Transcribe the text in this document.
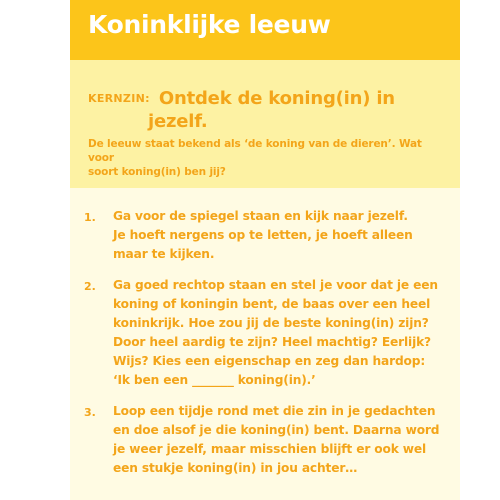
Koninklijke leeuw
KERNZIN: Ontdek de koning(in) in
jezelf.
De leeuw staat bekend als ‘de koning van de dieren’. Wat voor
soort koning(in) ben jij?
1. Ga voor de spiegel staan en kijk naar jezelf.
Je hoeft nergens op te letten, je hoeft alleen
maar te kijken.
2. Ga goed rechtop staan en stel je voor dat je een
koning of koningin bent, de baas over een heel
koninkrijk. Hoe zou jij de beste koning(in) zijn?
Door heel aardig te zijn? Heel machtig? Eerlijk?
Wijs? Kies een eigenschap en zeg dan hardop:
‘Ik ben een _______ koning(in).’
3. Loop een tijdje rond met die zin in je gedachten
en doe alsof je die koning(in) bent. Daarna word
je weer jezelf, maar misschien blijft er ook wel
een stukje koning(in) in jou achter…
